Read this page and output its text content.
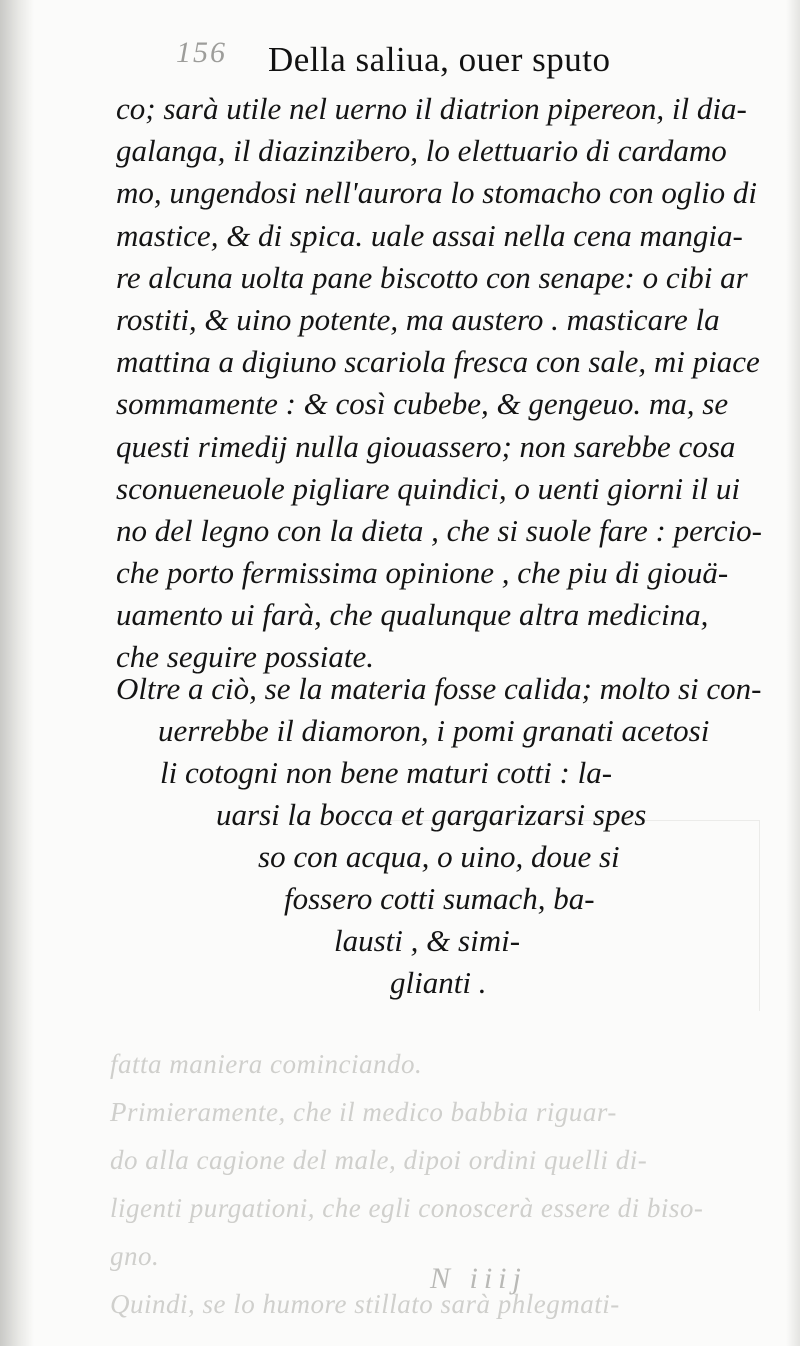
fatta maniera cominciando.
Primieramente, che il medico babbia riguar-
do alla cagione del male, dipoi ordini quelli di-
ligenti purgationi, che egli conoscerà essere di biso-
gno.
Quindi, se lo humore stillato sarà phlegmati-
156 Della saliua, ouer sputo
co; sarà utile nel uerno il diatrion pipereon, il dia-
galanga, il diazinzibero, lo elettuario di cardamo
mo, ungendosi nell'aurora lo stomacho con oglio di
mastice, & di spica. uale assai nella cena mangia-
re alcuna uolta pane biscotto con senape: o cibi ar
rostiti, & uino potente, ma austero . masticare la
mattina a digiuno scariola fresca con sale, mi piace
sommamente : & così cubebe, & gengeuo. ma, se
questi rimedij nulla giouassero; non sarebbe cosa
sconueneuole pigliare quindici, o uenti giorni il ui
no del legno con la dieta , che si suole fare : percio-
che porto fermissima opinione , che piu di giouä-
uamento ui farà, che qualunque altra medicina,
che seguire possiate.
Oltre a ciò, se la materia fosse calida; molto si con-
uerrebbe il diamoron, i pomi granati acetosi
li cotogni non bene maturi cotti : la-
uarsi la bocca et gargarizarsi spes
so con acqua, o uino, doue si
fossero cotti sumach, ba-
lausti , & simi-
glianti .
N iiij
